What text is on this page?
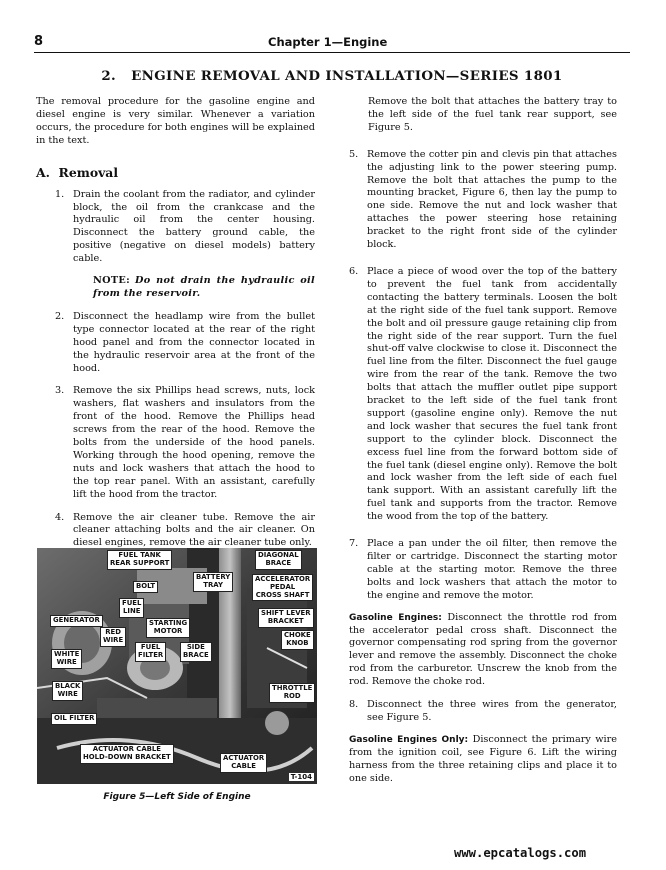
8	Chapter 1—Engine
2.   ENGINE REMOVAL AND INSTALLATION—SERIES 1801

The removal procedure for the gasoline engine and diesel engine is very similar. Whenever a variation occurs, the procedure for both engines will be explained in the text.

A.  Removal
1. Drain the coolant from the radiator, and cylinder block, the oil from the crankcase and the hydraulic oil from the center housing. Disconnect the battery ground cable, the positive (negative on diesel models) battery cable.
NOTE: Do not drain the hydraulic oil from the reservoir.
2. Disconnect the headlamp wire from the bullet type connector located at the rear of the right hood panel and from the connector located in the hydraulic reservoir area at the front of the hood.
3. Remove the six Phillips head screws, nuts, lock washers, flat washers and insulators from the front of the hood. Remove the Phillips head screws from the rear of the hood. Remove the bolts from the underside of the hood panels. Working through the hood opening, remove the nuts and lock washers that attach the hood to the top rear panel. With an assistant, carefully lift the hood from the tractor.
4. Remove the air cleaner tube. Remove the air cleaner attaching bolts and the air cleaner. On diesel engines, remove the air cleaner tube only.
FUEL TANK
REAR SUPPORT
DIAGONAL
BRACE
BATTERY
TRAY
BOLT
ACCELERATOR
PEDAL
CROSS SHAFT
FUEL
LINE	SHIFT LEVER
BRACKET
GENERATOR	STARTING
MOTOR
RED
WIRE
CHOKE
KNOB
FUEL
FILTER
SIDE
BRACE
WHITE
WIRE
BLACK
WIRE
THROTTLE
ROD
OIL FILTER
ACTUATOR CABLE
HOLD-DOWN BRACKET	ACTUATOR
CABLE
T-104
Figure 5—Left Side of Engine

Remove the bolt that attaches the battery tray to the left side of the fuel tank rear support, see Figure 5.

5. Remove the cotter pin and clevis pin that attaches the adjusting link to the power steering pump. Remove the bolt that attaches the pump to the mounting bracket, Figure 6, then lay the pump to one side. Remove the nut and lock washer that attaches the power steering hose retaining bracket to the right front side of the cylinder block.
6. Place a piece of wood over the top of the battery to prevent the fuel tank from accidentally contacting the battery terminals. Loosen the bolt at the right side of the fuel tank support. Remove the bolt and oil pressure gauge retaining clip from the right side of the rear support. Turn the fuel shut-off valve clockwise to close it. Disconnect the fuel line from the filter. Disconnect the fuel gauge wire from the rear of the tank. Remove the two bolts that attach the muffler outlet pipe support bracket to the left side of the fuel tank front support (gasoline engine only). Remove the nut and lock washer that secures the fuel tank front support to the cylinder block. Disconnect the excess fuel line from the forward bottom side of the fuel tank (diesel engine only). Remove the bolt and lock washer from the left side of each fuel tank support. With an assistant carefully lift the fuel tank and supports from the tractor. Remove the wood from the top of the battery.
7. Place a pan under the oil filter, then remove the filter or cartridge. Disconnect the starting motor cable at the starting motor. Remove the three bolts and lock washers that attach the motor to the engine and remove the motor.

Gasoline Engines: Disconnect the throttle rod from the accelerator pedal cross shaft. Disconnect the governor compensating rod spring from the governor lever and remove the assembly. Disconnect the choke rod from the carburetor. Unscrew the knob from the rod. Remove the choke rod.

8. Disconnect the three wires from the generator, see Figure 5.

Gasoline Engines Only: Disconnect the primary wire from the ignition coil, see Figure 6. Lift the wiring harness from the three retaining clips and place it to one side.

www.epcatalogs.com
